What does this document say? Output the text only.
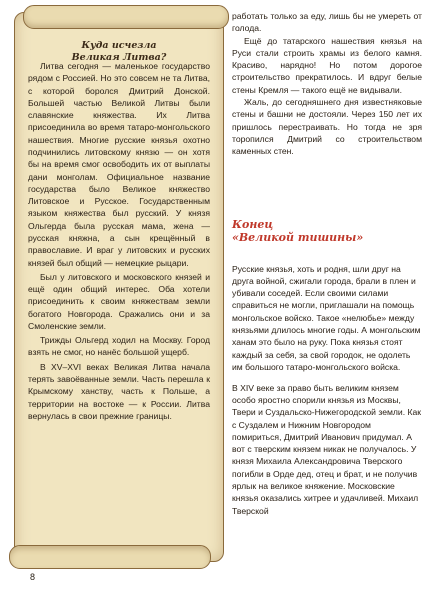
Куда исчезла
Великая Литва?

Литва сегодня — маленькое государство рядом с Россией. Но это совсем не та Литва, с которой боролся Дмитрий Донской. Большей частью Великой Литвы были славянские княжества. Их Литва присоединила во время татаро-монгольского нашествия. Многие русские князья охотно подчинились литовскому князю — он хотя бы на время смог освободить их от выплаты дани монголам. Официальное название государства было Великое княжество Литовское и Русское. Государственным языком княжества был русский. У князя Ольгерда была русская мама, жена — русская княжна, а сын крещённый в православие. И враг у литовских и русских князей был общий — немецкие рыцари.

Был у литовского и московского князей и ещё один общий интерес. Оба хотели присоединить к своим княжествам земли богатого Новгорода. Сражались они и за Смоленские земли.

Трижды Ольгерд ходил на Москву. Город взять не смог, но нанёс большой ущерб.

В XV–XVI веках Великая Литва начала терять завоёванные земли. Часть перешла к Крымскому ханству, часть к Польше, а территории на востоке — к России. Литва вернулась в свои прежние границы.

работать только за еду, лишь бы не умереть от голода.

Ещё до татарского нашествия князья на Руси стали строить храмы из белого камня. Красиво, нарядно! Но потом дорогое строительство прекратилось. И вдруг белые стены Кремля — такого ещё не видывали.

Жаль, до сегодняшнего дня известняковые стены и башни не достояли. Через 150 лет их пришлось перестраивать. Но тогда не зря торопился Дмитрий со строительством каменных стен.

Конец
«Великой тишины»

Русские князья, хоть и родня, шли друг на друга войной, сжигали города, брали в плен и убивали соседей. Если своими силами справиться не могли, приглашали на помощь монгольское войско. Такое «нелюбье» между князьями длилось многие годы. А монгольским ханам это было на руку. Пока князья стоят каждый за себя, за свой городок, не одолеть им большого татаро-монгольского войска.

В XIV веке за право быть великим князем особо яростно спорили князья из Москвы, Твери и Суздальско-Нижегородской земли. Как с Суздалем и Нижним Новгородом помириться, Дмитрий Иванович придумал. А вот с тверским князем никак не получалось. У князя Михаила Александровича Тверского погибли в Орде дед, отец и брат, и не получив ярлык на великое княжение. Московские князья оказались хитрее и удачливей. Михаил Тверской

8
